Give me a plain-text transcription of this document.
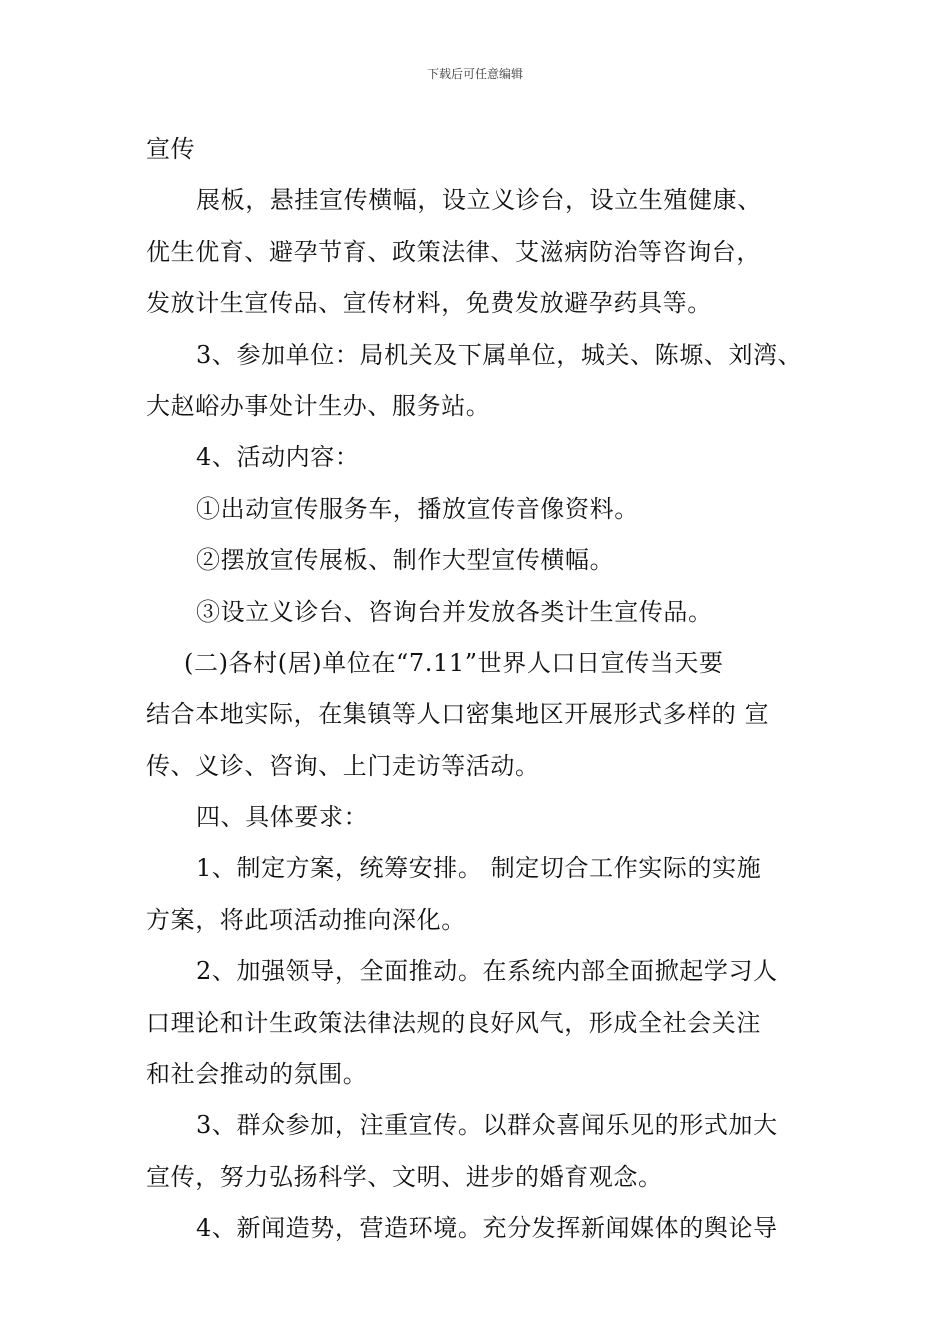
下载后可任意编辑
宣传
展板，悬挂宣传横幅，设立义诊台，设立生殖健康、
优生优育、避孕节育、政策法律、艾滋病防治等咨询台，
发放计生宣传品、宣传材料，免费发放避孕药具等。
3、参加单位：局机关及下属单位，城关、陈塬、刘湾、
大赵峪办事处计生办、服务站。
4、活动内容：
①出动宣传服务车，播放宣传音像资料。
②摆放宣传展板、制作大型宣传横幅。
③设立义诊台、咨询台并发放各类计生宣传品。
(二)各村(居)单位在“7.11”世界人口日宣传当天要
结合本地实际，在集镇等人口密集地区开展形式多样的 宣
传、义诊、咨询、上门走访等活动。
四、具体要求：
1、制定方案，统筹安排。 制定切合工作实际的实施
方案，将此项活动推向深化。
2、加强领导，全面推动。在系统内部全面掀起学习人
口理论和计生政策法律法规的良好风气，形成全社会关注
和社会推动的氛围。
3、群众参加，注重宣传。以群众喜闻乐见的形式加大
宣传，努力弘扬科学、文明、进步的婚育观念。
4、新闻造势，营造环境。充分发挥新闻媒体的舆论导
